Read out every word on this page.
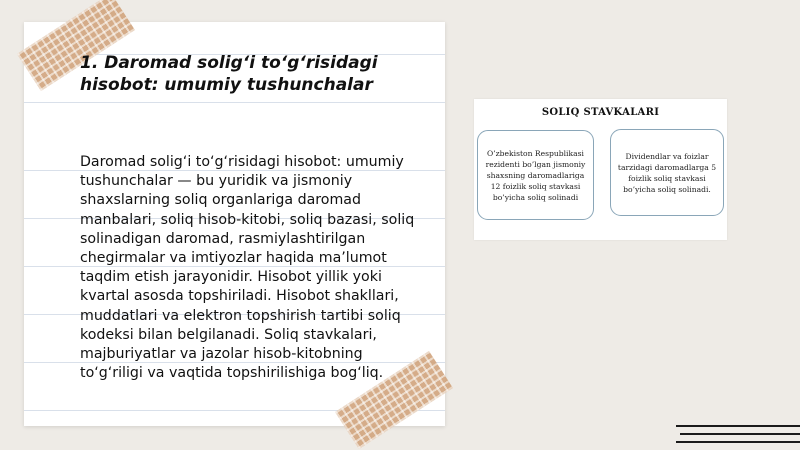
1. Daromad solig‘i to‘g‘risidagi hisobot: umumiy tushunchalar

Daromad solig‘i to‘g‘risidagi hisobot: umumiy tushunchalar — bu yuridik va jismoniy shaxslarning soliq organlariga daromad manbalari, soliq hisob-kitobi, soliq bazasi, soliq solinadigan daromad, rasmiylashtirilgan chegirmalar va imtiyozlar haqida ma’lumot taqdim etish jarayonidir. Hisobot yillik yoki kvartal asosda topshiriladi. Hisobot shakllari, muddatlari va elektron topshirish tartibi soliq kodeksi bilan belgilanadi. Soliq stavkalari, majburiyatlar va jazolar hisob-kitobning to‘g‘riligi va vaqtida topshirilishiga bog‘liq.

SOLIQ STAVKALARI
O’zbekiston Respublikasi rezidenti bo’lgan jismoniy shaxsning daromadlariga 12 foizlik soliq stavkasi bo’yicha soliq solinadi
Dividendlar va foizlar tarzidagi daromadlarga 5 foizlik soliq stavkasi bo’yicha soliq solinadi.
